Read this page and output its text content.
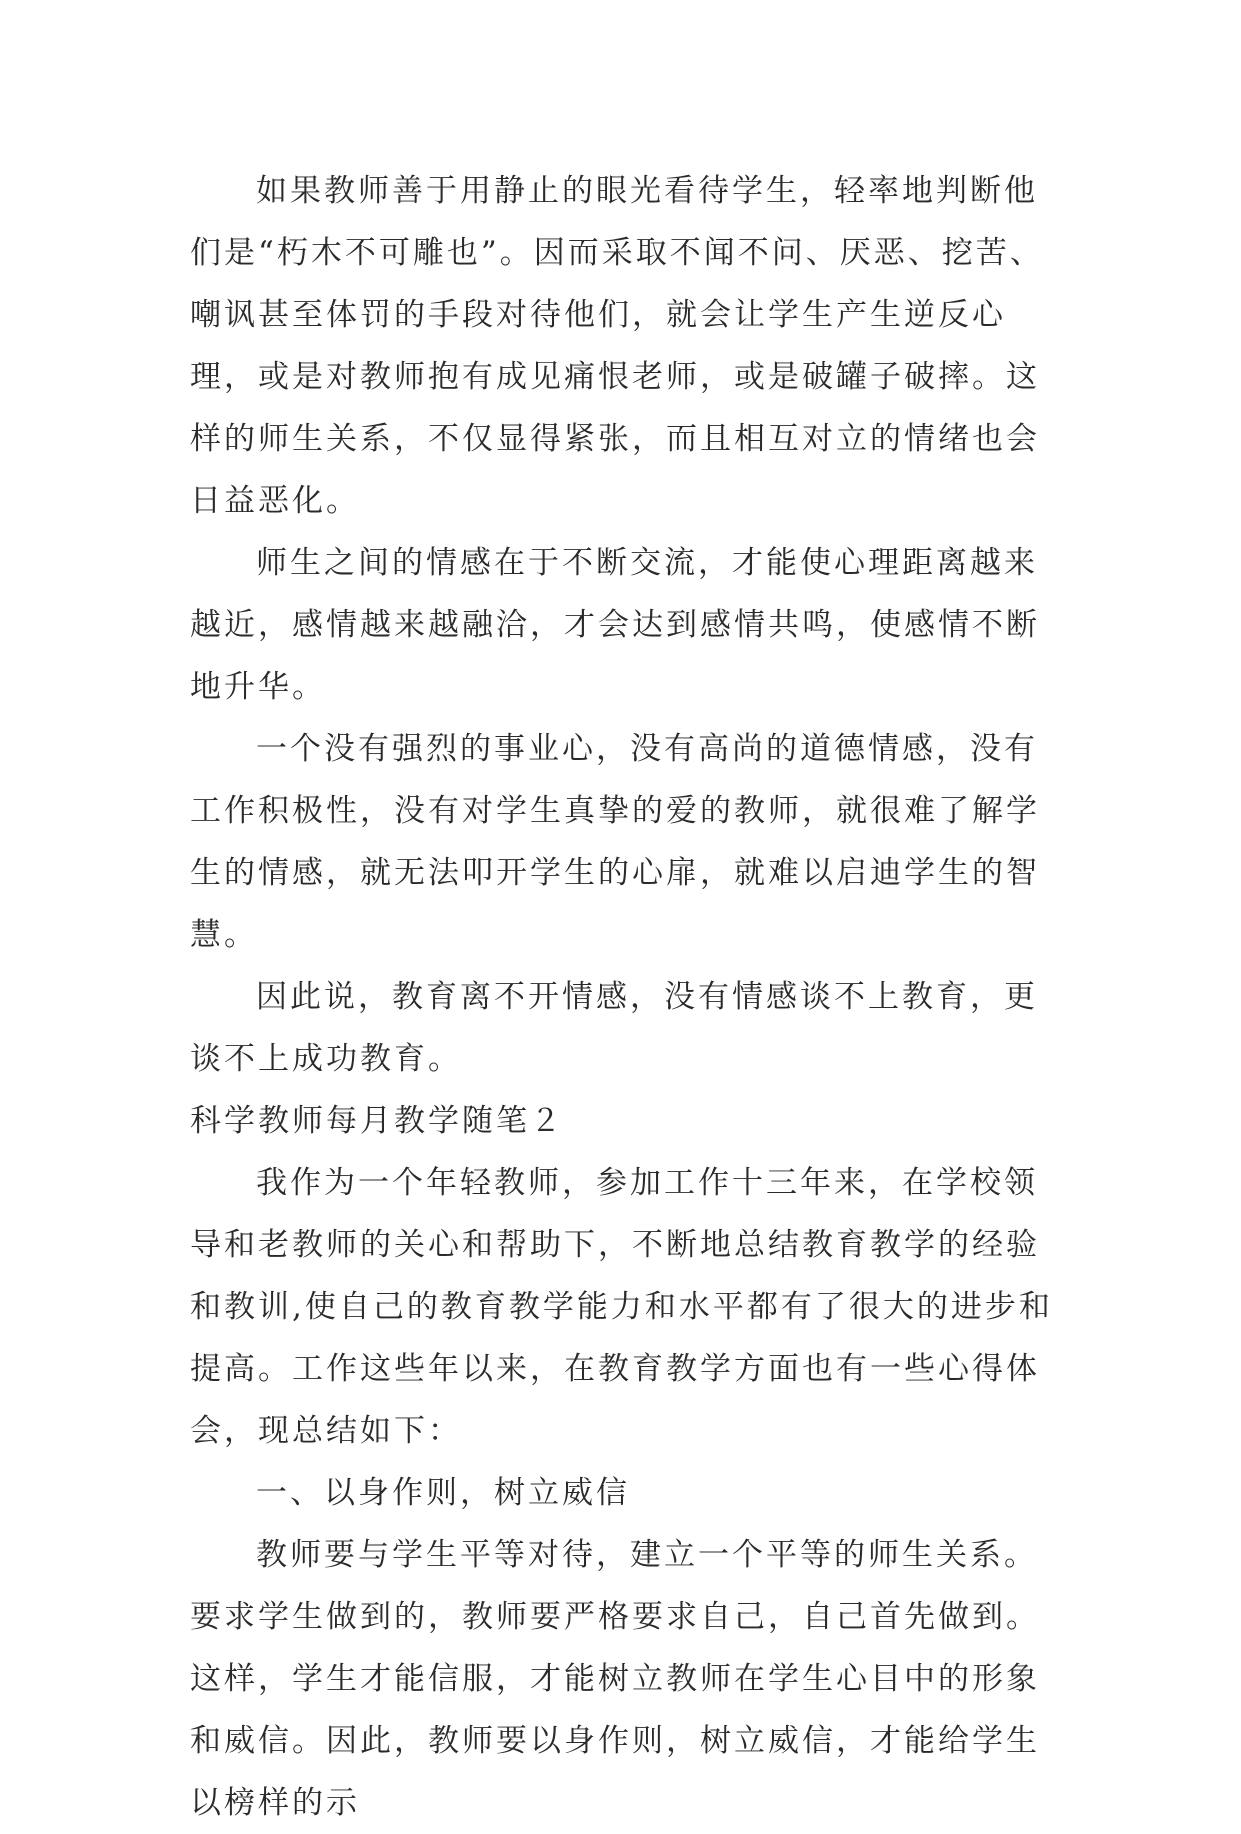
如果教师善于用静止的眼光看待学生，轻率地判断他们是“朽木不可雕也”。因而采取不闻不问、厌恶、挖苦、嘲讽甚至体罚的手段对待他们，就会让学生产生逆反心理，或是对教师抱有成见痛恨老师，或是破罐子破摔。这样的师生关系，不仅显得紧张，而且相互对立的情绪也会日益恶化。

师生之间的情感在于不断交流，才能使心理距离越来越近，感情越来越融洽，才会达到感情共鸣，使感情不断地升华。

一个没有强烈的事业心，没有高尚的道德情感，没有工作积极性，没有对学生真挚的爱的教师，就很难了解学生的情感，就无法叩开学生的心扉，就难以启迪学生的智慧。

因此说，教育离不开情感，没有情感谈不上教育，更谈不上成功教育。

科学教师每月教学随笔２

我作为一个年轻教师，参加工作十三年来，在学校领导和老教师的关心和帮助下，不断地总结教育教学的经验和教训,使自己的教育教学能力和水平都有了很大的进步和提高。工作这些年以来，在教育教学方面也有一些心得体会，现总结如下：

一、以身作则，树立威信

教师要与学生平等对待，建立一个平等的师生关系。要求学生做到的，教师要严格要求自己，自己首先做到。这样，学生才能信服，才能树立教师在学生心目中的形象和威信。因此，教师要以身作则，树立威信，才能给学生以榜样的示
